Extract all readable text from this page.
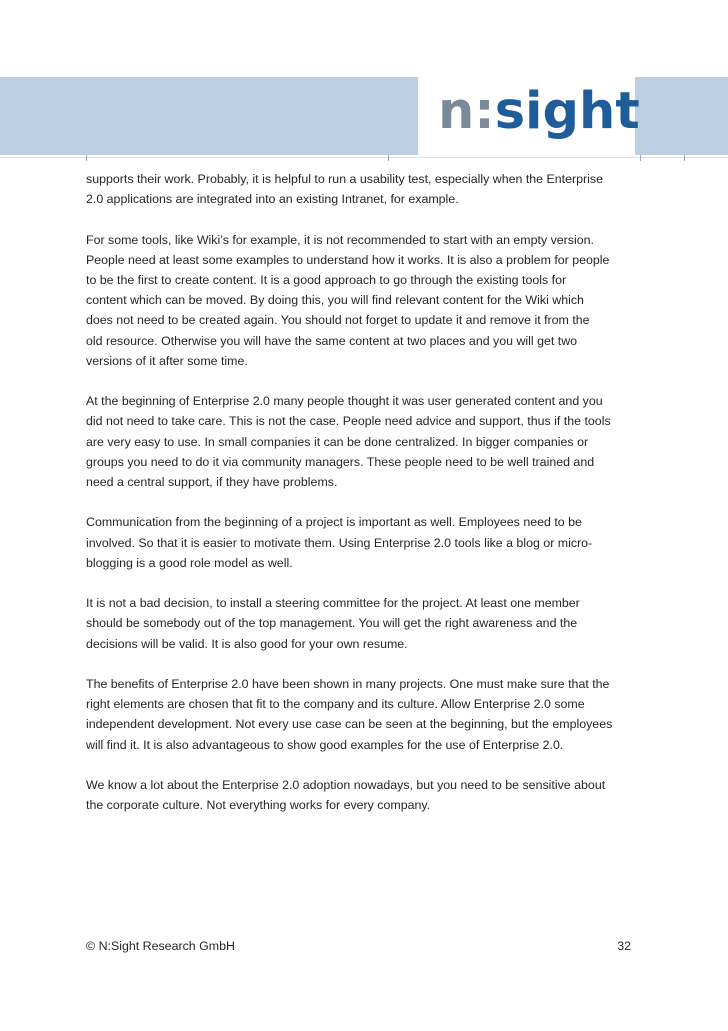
n:sight

supports their work. Probably, it is helpful to run a usability test, especially when the Enterprise
2.0 applications are integrated into an existing Intranet, for example.

For some tools, like Wiki’s for example, it is not recommended to start with an empty version.
People need at least some examples to understand how it works. It is also a problem for people
to be the first to create content. It is a good approach to go through the existing tools for
content which can be moved. By doing this, you will find relevant content for the Wiki which
does not need to be created again. You should not forget to update it and remove it from the
old resource. Otherwise you will have the same content at two places and you will get two
versions of it after some time.

At the beginning of Enterprise 2.0 many people thought it was user generated content and you
did not need to take care. This is not the case. People need advice and support, thus if the tools
are very easy to use. In small companies it can be done centralized. In bigger companies or
groups you need to do it via community managers. These people need to be well trained and
need a central support, if they have problems.

Communication from the beginning of a project is important as well. Employees need to be
involved. So that it is easier to motivate them. Using Enterprise 2.0 tools like a blog or micro-
blogging is a good role model as well.

It is not a bad decision, to install a steering committee for the project. At least one member
should be somebody out of the top management. You will get the right awareness and the
decisions will be valid. It is also good for your own resume.

The benefits of Enterprise 2.0 have been shown in many projects. One must make sure that the
right elements are chosen that fit to the company and its culture. Allow Enterprise 2.0 some
independent development. Not every use case can be seen at the beginning, but the employees
will find it. It is also advantageous to show good examples for the use of Enterprise 2.0.

We know a lot about the Enterprise 2.0 adoption nowadays, but you need to be sensitive about
the corporate culture. Not everything works for every company.

© N:Sight Research GmbH	32
